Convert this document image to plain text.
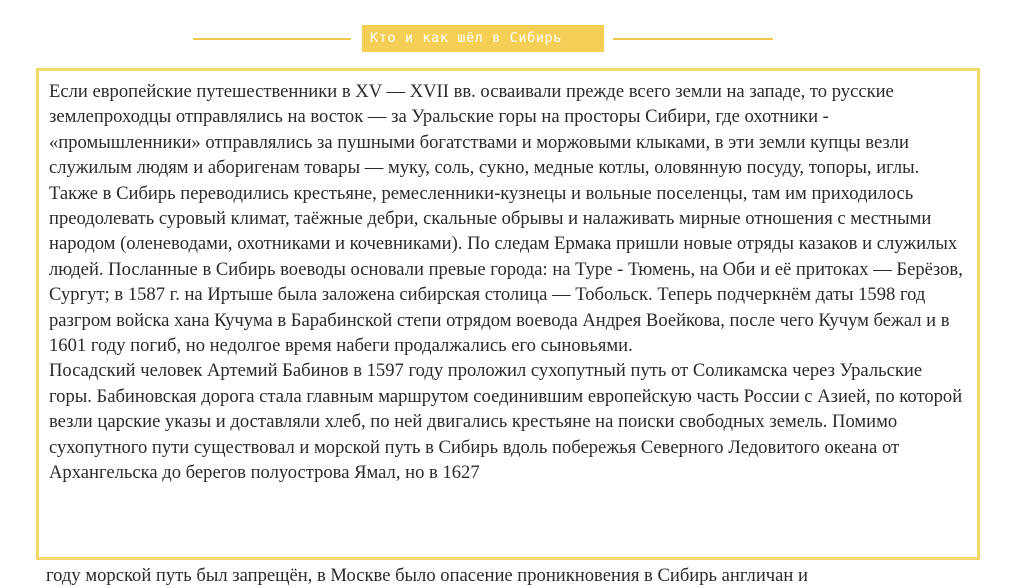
Кто и как шёл в Сибирь

Если европейские путешественники в XV — XVII вв. осваивали прежде всего земли на западе, то русские землепроходцы отправлялись на восток — за Уральские горы на просторы Сибири, где охотники - «промышленники» отправлялись за пушными богатствами и моржовыми клыками, в эти земли купцы везли служилым людям и аборигенам товары — муку, соль, сукно, медные котлы, оловянную посуду, топоры, иглы. Также в Сибирь переводились крестьяне, ремесленники-кузнецы и вольные поселенцы, там им приходилось преодолевать суровый климат, таёжные дебри, скальные обрывы и налаживать мирные отношения с местными народом (оленеводами, охотниками и кочевниками). По следам Ермака пришли новые отряды казаков и служилых людей. Посланные в Сибирь воеводы основали превые города: на Туре - Тюмень, на Оби и её притоках — Берёзов, Сургут; в 1587 г. на Иртыше была заложена сибирская столица — Тобольск. Теперь подчеркнём даты 1598 год разгром войска хана Кучума в Барабинской степи отрядом воевода Андрея Воейкова, после чего Кучум бежал и в 1601 году погиб, но недолгое время набеги продалжались его сыновьями.

Посадский человек Артемий Бабинов в 1597 году проложил сухопутный путь от Соликамска через Уральские горы. Бабиновская дорога стала главным маршрутом соединившим европейскую часть России с Азией, по которой везли царские указы и доставляли хлеб, по ней двигались крестьяне на поиски свободных земель. Помимо сухопутного пути существовал и морской путь в Сибирь вдоль побережья Северного Ледовитого океана от Архангельска до берегов полуострова Ямал, но в 1627

году морской путь был запрещён, в Москве было опасение проникновения в Сибирь англичан и
